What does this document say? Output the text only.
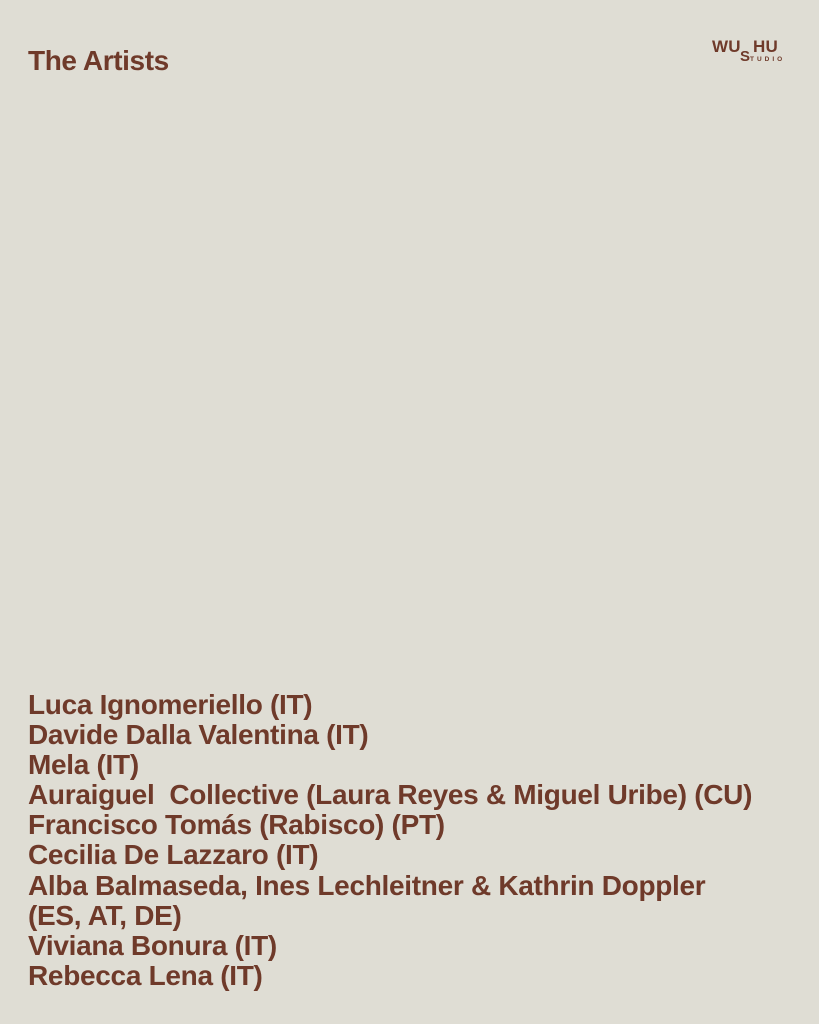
The Artists	WU
S
HU
TUDIO
Luca Ignomeriello (IT)
Davide Dalla Valentina (IT)
Mela (IT)
Auraiguel  Collective (Laura Reyes & Miguel Uribe) (CU)
Francisco Tomás (Rabisco) (PT)
Cecilia De Lazzaro (IT)
Alba Balmaseda, Ines Lechleitner & Kathrin Doppler
(ES, AT, DE)
Viviana Bonura (IT)
Rebecca Lena (IT)
